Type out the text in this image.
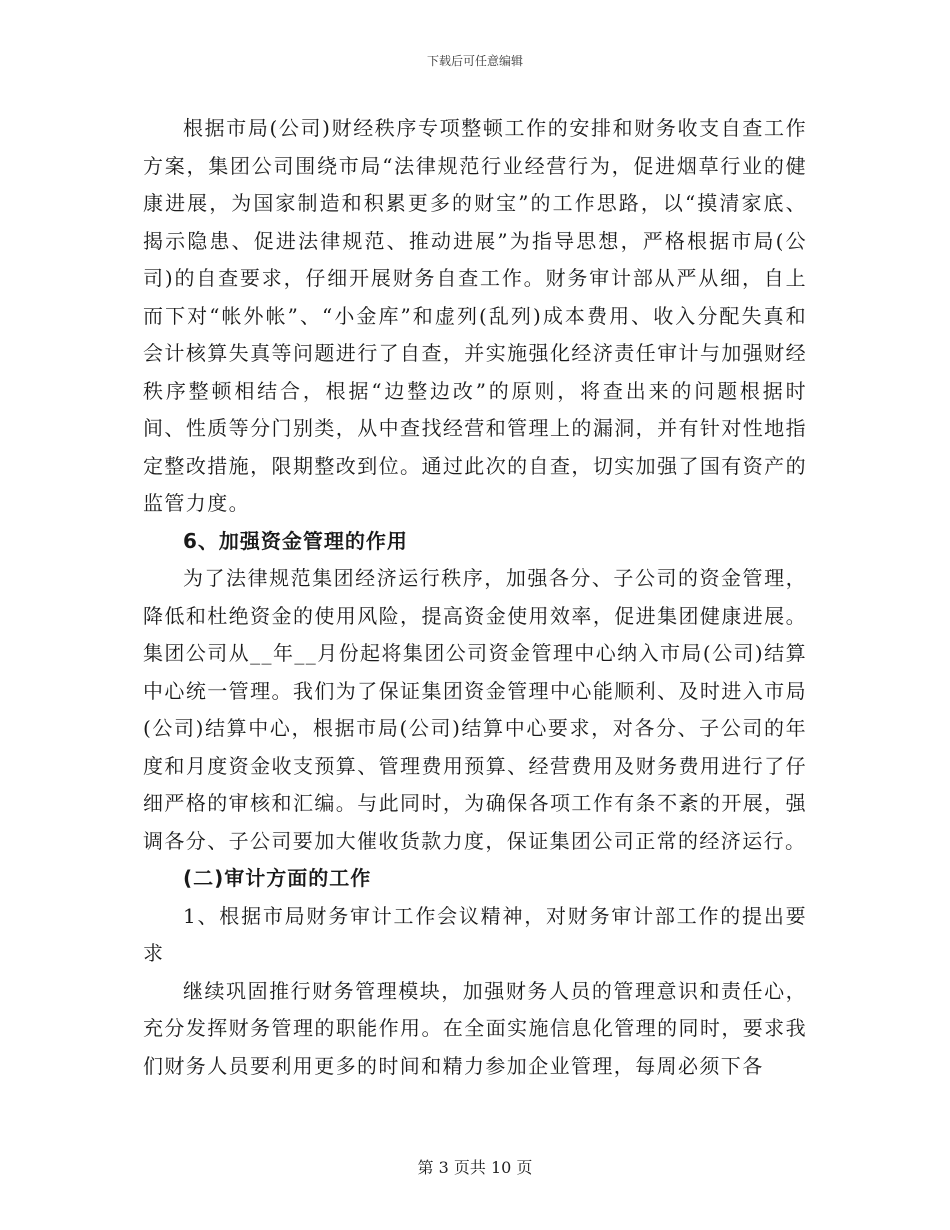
下载后可任意编辑

根据市局(公司)财经秩序专项整顿工作的安排和财务收支自查工作方案，集团公司围绕市局“法律规范行业经营行为，促进烟草行业的健康进展，为国家制造和积累更多的财宝”的工作思路，以“摸清家底、揭示隐患、促进法律规范、推动进展”为指导思想，严格根据市局(公司)的自查要求，仔细开展财务自查工作。财务审计部从严从细，自上而下对“帐外帐”、“小金库”和虚列(乱列)成本费用、收入分配失真和会计核算失真等问题进行了自查，并实施强化经济责任审计与加强财经秩序整顿相结合，根据“边整边改”的原则，将查出来的问题根据时间、性质等分门别类，从中查找经营和管理上的漏洞，并有针对性地指定整改措施，限期整改到位。通过此次的自查，切实加强了国有资产的监管力度。

6、加强资金管理的作用

为了法律规范集团经济运行秩序，加强各分、子公司的资金管理，降低和杜绝资金的使用风险，提高资金使用效率，促进集团健康进展。集团公司从__年__月份起将集团公司资金管理中心纳入市局(公司)结算中心统一管理。我们为了保证集团资金管理中心能顺利、及时进入市局(公司)结算中心，根据市局(公司)结算中心要求，对各分、子公司的年度和月度资金收支预算、管理费用预算、经营费用及财务费用进行了仔细严格的审核和汇编。与此同时，为确保各项工作有条不紊的开展，强调各分、子公司要加大催收货款力度，保证集团公司正常的经济运行。

(二)审计方面的工作

1、根据市局财务审计工作会议精神，对财务审计部工作的提出要求

继续巩固推行财务管理模块，加强财务人员的管理意识和责任心，充分发挥财务管理的职能作用。在全面实施信息化管理的同时，要求我们财务人员要利用更多的时间和精力参加企业管理，每周必须下各

第 3 页共 10 页
